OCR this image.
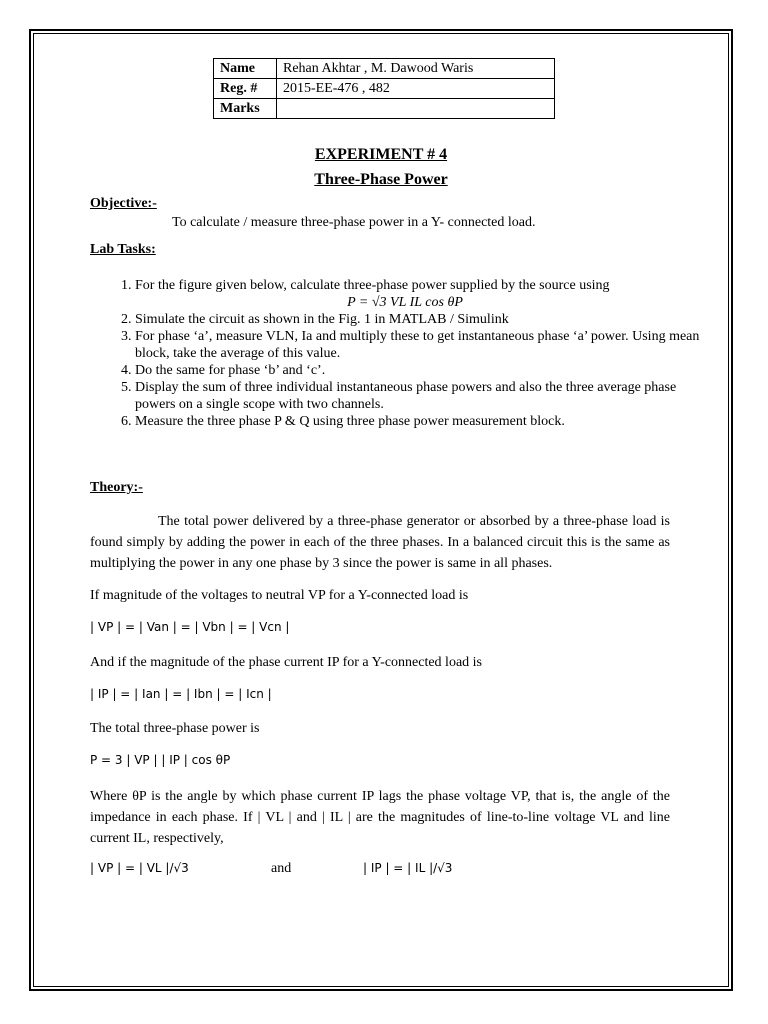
Name	Rehan Akhtar , M. Dawood Waris
Reg. #	2015-EE-476 , 482
Marks	
EXPERIMENT # 4
Three-Phase Power
Objective:-
To calculate / measure three-phase power in a Y- connected load.
Lab Tasks:
1. For the figure given below, calculate three-phase power supplied by the source using
P = √3 VL IL cos θP
2. Simulate the circuit as shown in the Fig. 1 in MATLAB / Simulink
3. For phase ‘a’, measure VLN, Ia and multiply these to get instantaneous phase ‘a’ power. Using mean block, take the average of this value.
4. Do the same for phase ‘b’ and ‘c’.
5. Display the sum of three individual instantaneous phase powers and also the three average phase powers on a single scope with two channels.
6. Measure the three phase P & Q using three phase power measurement block.
Theory:-
The total power delivered by a three-phase generator or absorbed by a three-phase load is found simply by adding the power in each of the three phases. In a balanced circuit this is the same as multiplying the power in any one phase by 3 since the power is same in all phases.
If magnitude of the voltages to neutral VP for a Y-connected load is
| VP | = | Van | = | Vbn | = | Vcn |
And if the magnitude of the phase current IP for a Y-connected load is
| IP | = | Ian | = | Ibn | = | Icn |
The total three-phase power is
P = 3 | VP | | IP | cos θP
Where θP is the angle by which phase current IP lags the phase voltage VP, that is, the angle of the impedance in each phase. If | VL | and | IL | are the magnitudes of line-to-line voltage VL and line current IL, respectively,
| VP | = | VL |/√3	and	| IP | = | IL |/√3
